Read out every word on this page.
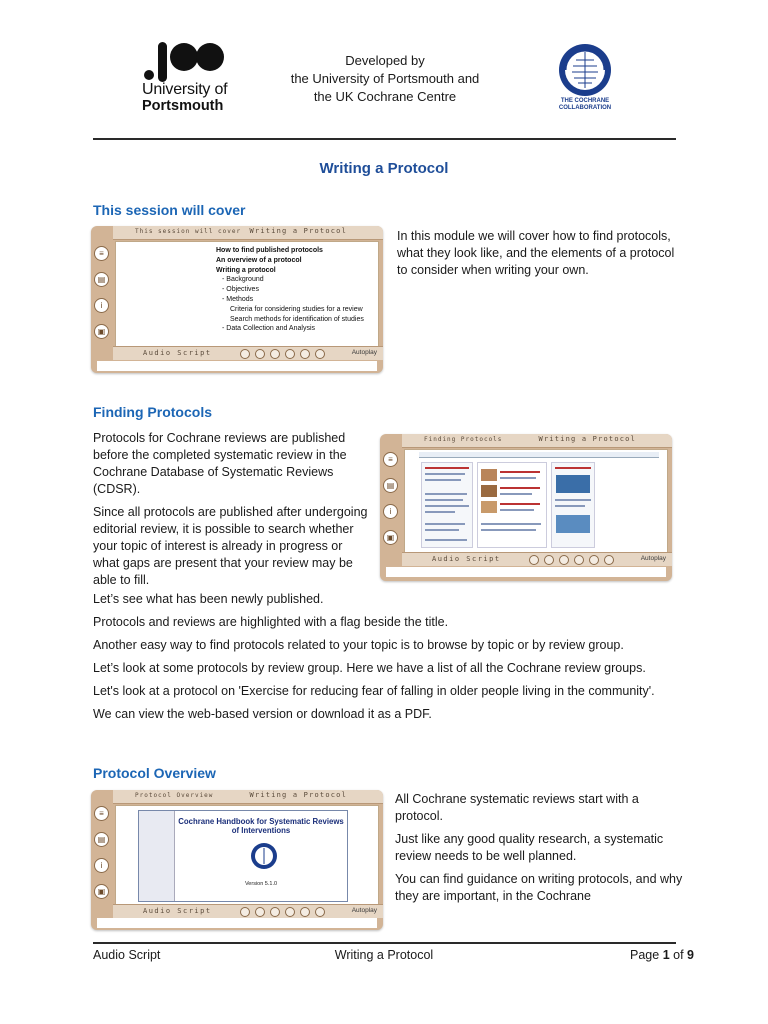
University of
Portsmouth
Developed by
the University of Portsmouth and
the UK Cochrane Centre	THE COCHRANE
COLLABORATION
Writing a Protocol
This session will cover
≡
▤
i
▣
This session will cover Writing a Protocol
How to find published protocols
An overview of a protocol
Writing a protocol
- Background
- Objectives
- Methods
Criteria for considering studies for a review
Search methods for identification of studies
- Data Collection and Analysis
Audio Script	Autoplay

In this module we will cover how to find protocols, what they look like, and the elements of a protocol to consider when writing your own.

Finding Protocols

Protocols for Cochrane reviews are published before the completed systematic review in the Cochrane Database of Systematic Reviews (CDSR).

Since all protocols are published after undergoing editorial review, it is possible to search whether your topic of interest is already in progress or what gaps are present that your review may be able to fill.

≡
▤
i
▣
Finding Protocols	Writing a Protocol
Audio Script	Autoplay

Let’s see what has been newly published.

Protocols and reviews are highlighted with a flag beside the title.

Another easy way to find protocols related to your topic is to browse by topic or by review group.

Let’s look at some protocols by review group. Here we have a list of all the Cochrane review groups.

Let's look at a protocol on 'Exercise for reducing fear of falling in older people living in the community'.

We can view the web-based version or download it as a PDF.

Protocol Overview
≡
▤
i
▣
Protocol Overview	Writing a Protocol
Cochrane Handbook for Systematic Reviews of Interventions
Version 5.1.0
Audio Script	Autoplay

All Cochrane systematic reviews start with a protocol.

Just like any good quality research, a systematic review needs to be well planned.

You can find guidance on writing protocols, and why they are important, in the Cochrane

Audio Script	Writing a Protocol	Page 1 of 9
